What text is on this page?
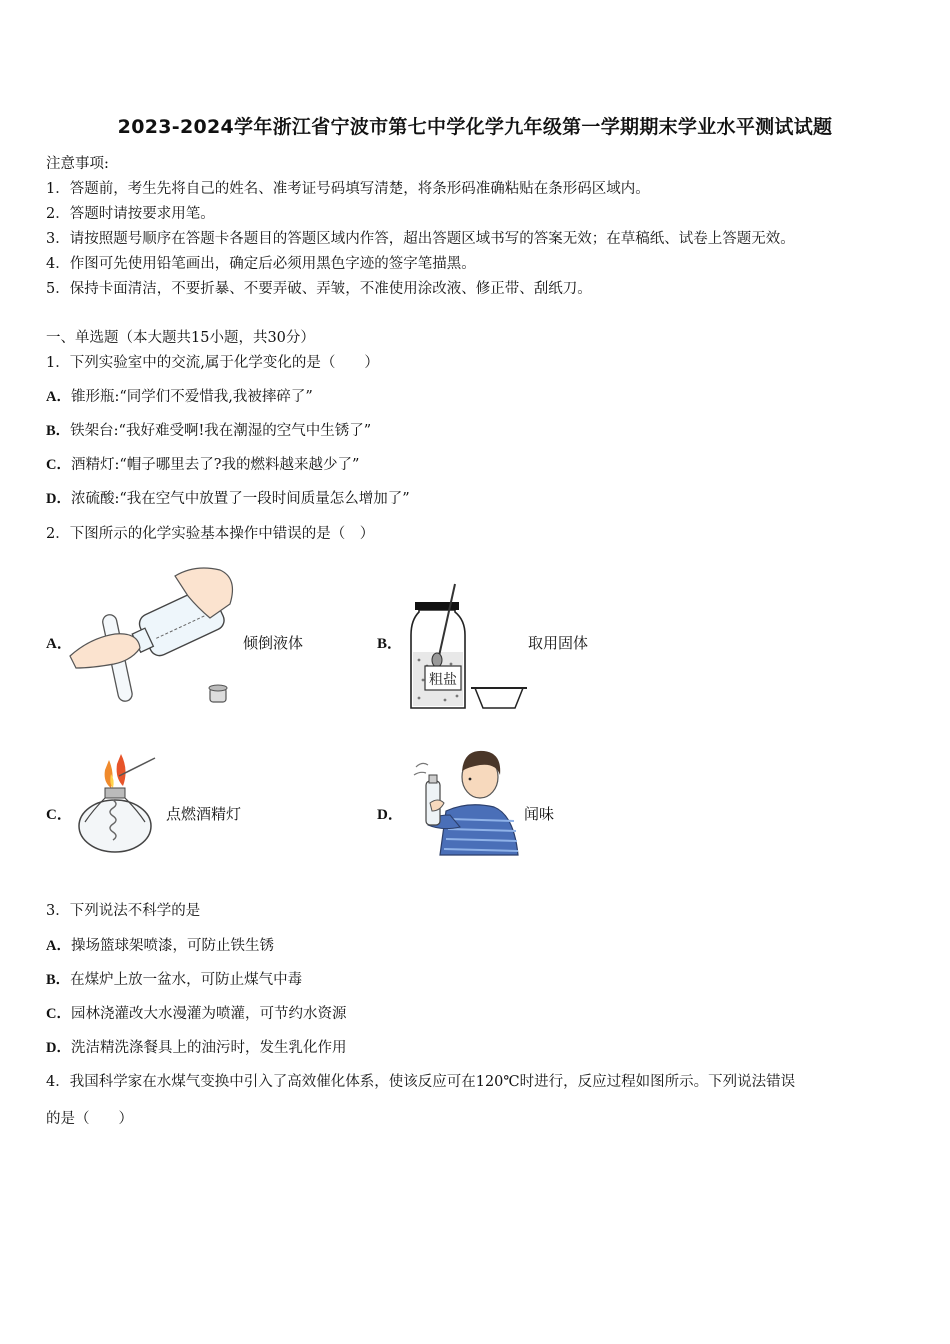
2023-2024学年浙江省宁波市第七中学化学九年级第一学期期末学业水平测试试题
注意事项:
1．答题前，考生先将自己的姓名、准考证号码填写清楚，将条形码准确粘贴在条形码区域内。
2．答题时请按要求用笔。
3．请按照题号顺序在答题卡各题目的答题区域内作答，超出答题区域书写的答案无效；在草稿纸、试卷上答题无效。
4．作图可先使用铅笔画出，确定后必须用黑色字迹的签字笔描黑。
5．保持卡面清洁，不要折暴、不要弄破、弄皱，不准使用涂改液、修正带、刮纸刀。
一、单选题（本大题共15小题，共30分）
1．下列实验室中的交流,属于化学变化的是（　　）
A．锥形瓶:“同学们不爱惜我,我被摔碎了”
B．铁架台:“我好难受啊!我在潮湿的空气中生锈了”
C．酒精灯:“帽子哪里去了?我的燃料越来越少了”
D．浓硫酸:“我在空气中放置了一段时间质量怎么增加了”
2．下图所示的化学实验基本操作中错误的是（　）
A．	倾倒液体	B．
粗盐
取用固体
C．	点燃酒精灯	D．	闻味
3．下列说法不科学的是
A．操场篮球架喷漆，可防止铁生锈
B．在煤炉上放一盆水，可防止煤气中毒
C．园林浇灌改大水漫灌为喷灌，可节约水资源
D．洗洁精洗涤餐具上的油污时，发生乳化作用
4．我国科学家在水煤气变换中引入了高效催化体系，使该反应可在120℃时进行，反应过程如图所示。下列说法错误
的是（　　）
